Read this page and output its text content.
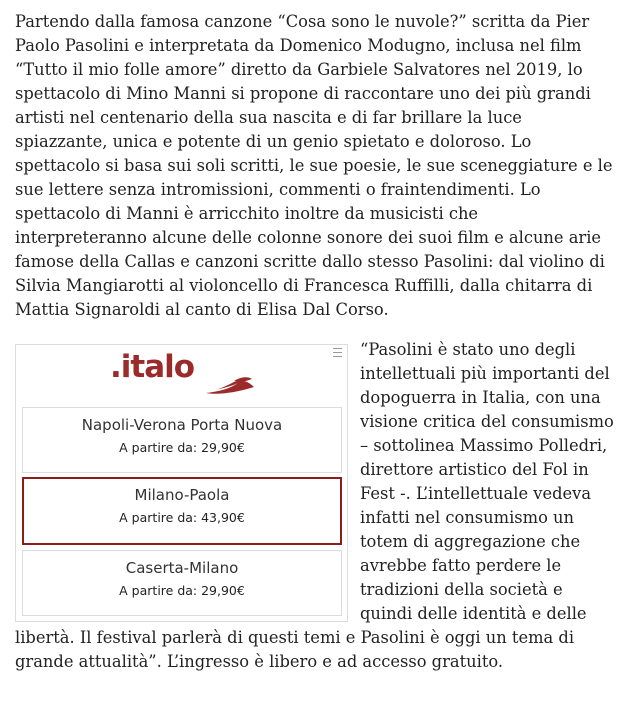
Partendo dalla famosa canzone “Cosa sono le nuvole?” scritta da Pier Paolo Pasolini e interpretata da Domenico Modugno, inclusa nel film “Tutto il mio folle amore” diretto da Garbiele Salvatores nel 2019, lo spettacolo di Mino Manni si propone di raccontare uno dei più grandi artisti nel centenario della sua nascita e di far brillare la luce spiazzante, unica e potente di un genio spietato e doloroso. Lo spettacolo si basa sui soli scritti, le sue poesie, le sue sceneggiature e le sue lettere senza intromissioni, commenti o fraintendimenti. Lo spettacolo di Manni è arricchito inoltre da musicisti che interpreteranno alcune delle colonne sonore dei suoi film e alcune arie famose della Callas e canzoni scritte dallo stesso Pasolini: dal violino di Silvia Mangiarotti al violoncello di Francesca Ruffilli, dalla chitarra di Mattia Signaroldi al canto di Elisa Dal Corso.

.italo
Napoli-Verona Porta Nuova
A partire da: 29,90€
Milano-Paola
A partire da: 43,90€
Caserta-Milano
A partire da: 29,90€

“Pasolini è stato uno degli intellettuali più importanti del dopoguerra in Italia, con una visione critica del consumismo – sottolinea Massimo Polledri, direttore artistico del Fol in Fest -. L’intellettuale vedeva infatti nel consumismo un totem di aggregazione che avrebbe fatto perdere le tradizioni della società e quindi delle identità e delle libertà. Il festival parlerà di questi temi e Pasolini è oggi un tema di grande attualità”. L’ingresso è libero e ad accesso gratuito.
